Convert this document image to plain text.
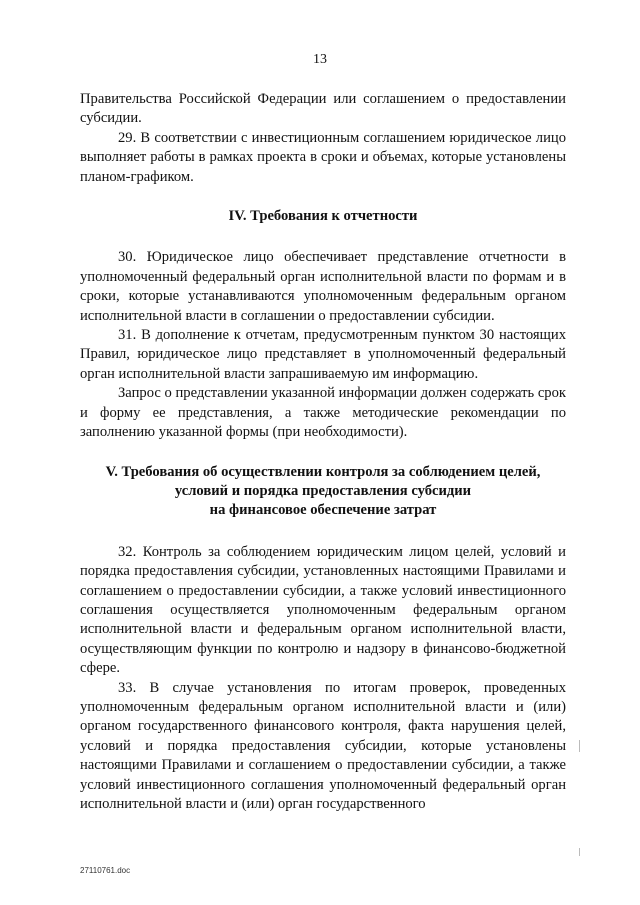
13

Правительства Российской Федерации или соглашением о предоставлении субсидии.

29. В соответствии с инвестиционным соглашением юридическое лицо выполняет работы в рамках проекта в сроки и объемах, которые установлены планом-графиком.

IV. Требования к отчетности

30. Юридическое лицо обеспечивает представление отчетности в уполномоченный федеральный орган исполнительной власти по формам и в сроки, которые устанавливаются уполномоченным федеральным органом исполнительной власти в соглашении о предоставлении субсидии.

31. В дополнение к отчетам, предусмотренным пунктом 30 настоящих Правил, юридическое лицо представляет в уполномоченный федеральный орган исполнительной власти запрашиваемую им информацию.

Запрос о представлении указанной информации должен содержать срок и форму ее представления, а также методические рекомендации по заполнению указанной формы (при необходимости).

V. Требования об осуществлении контроля за соблюдением целей,
условий и порядка предоставления субсидии
на финансовое обеспечение затрат

32. Контроль за соблюдением юридическим лицом целей, условий и порядка предоставления субсидии, установленных настоящими Правилами и соглашением о предоставлении субсидии, а также условий инвестиционного соглашения осуществляется уполномоченным федеральным органом исполнительной власти и федеральным органом исполнительной власти, осуществляющим функции по контролю и надзору в финансово-бюджетной сфере.

33. В случае установления по итогам проверок, проведенных уполномоченным федеральным органом исполнительной власти и (или) органом государственного финансового контроля, факта нарушения целей, условий и порядка предоставления субсидии, которые установлены настоящими Правилами и соглашением о предоставлении субсидии, а также условий инвестиционного соглашения уполномоченный федеральный орган исполнительной власти и (или) орган государственного

27110761.doc
